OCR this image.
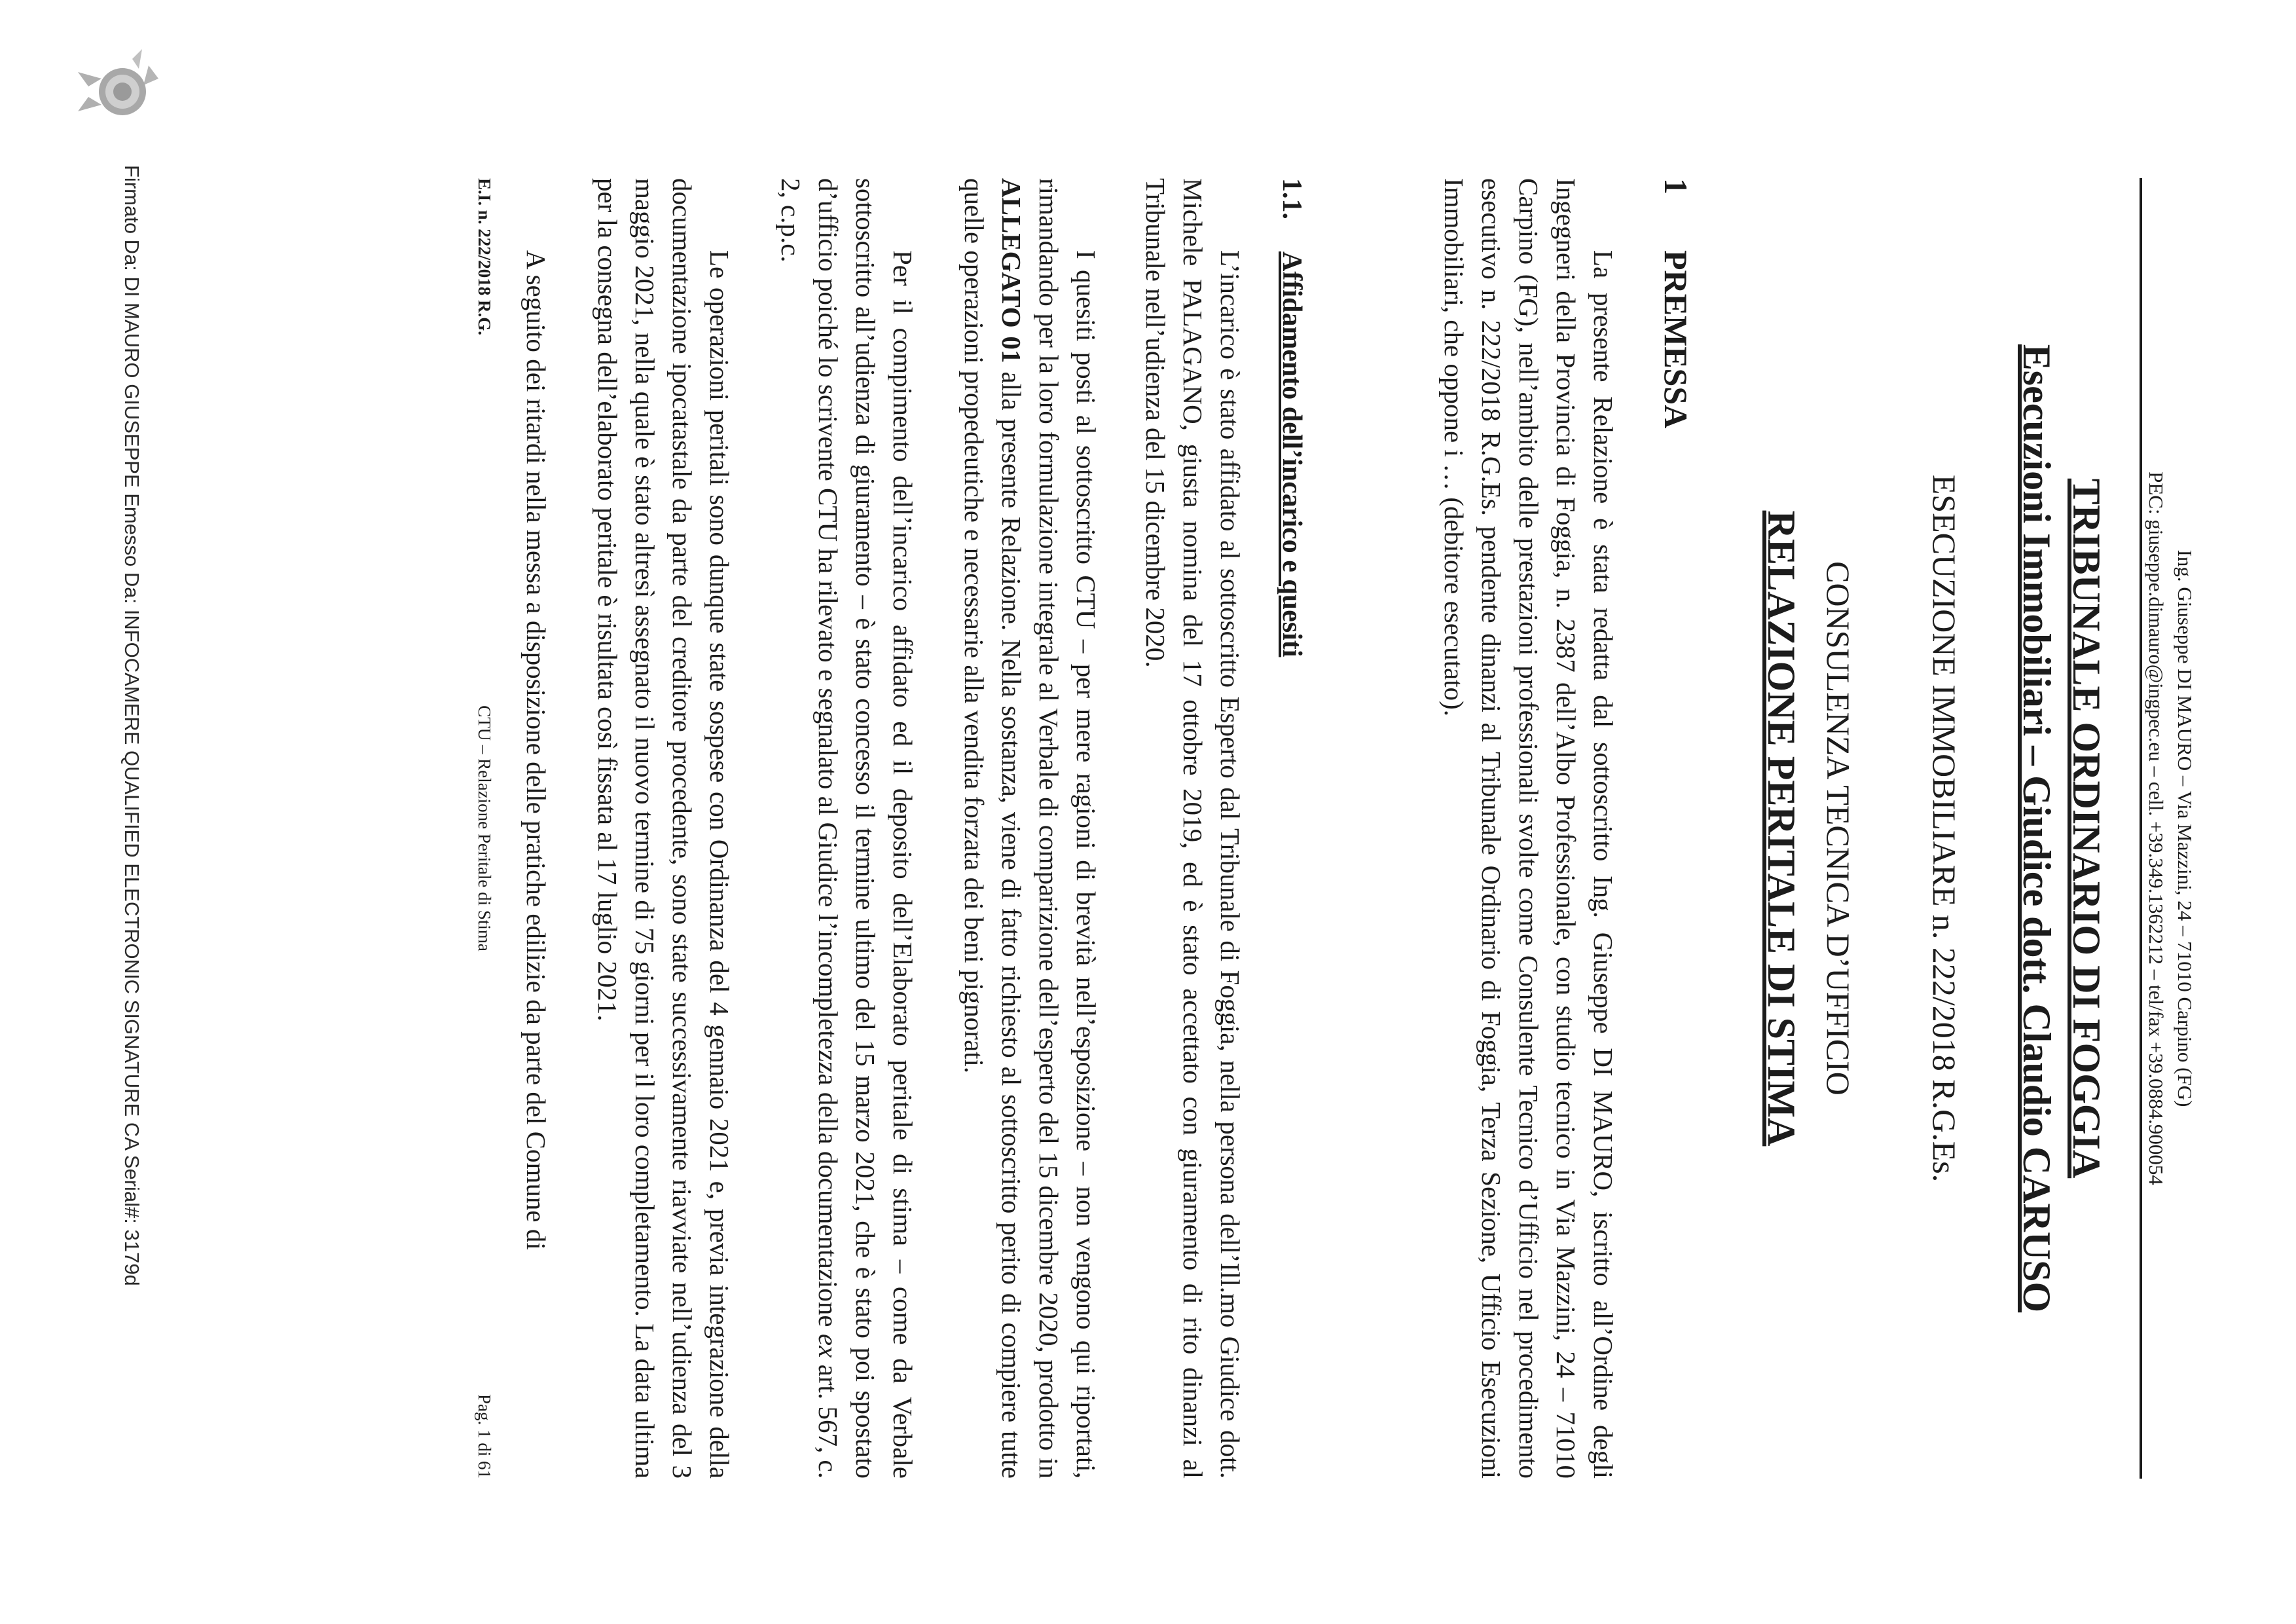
Ing. Giuseppe DI MAURO – Via Mazzini, 24 – 71010 Carpino (FG)
PEC: giuseppe.dimauro@ingpec.eu – cell. +39.349.1362212 – tel/fax +39.0884.900054
TRIBUNALE ORDINARIO DI FOGGIA
Esecuzioni Immobiliari – Giudice dott. Claudio CARUSO
ESECUZIONE IMMOBILIARE n. 222/2018 R.G.Es.
CONSULENZA TECNICA D’UFFICIO
RELAZIONE PERITALE DI STIMA
1PREMESSA
La presente Relazione è stata redatta dal sottoscritto Ing. Giuseppe DI MAURO, iscritto all’Ordine degli Ingegneri della Provincia di Foggia, n. 2387 dell’Albo Professionale, con studio tecnico in Via Mazzini, 24 – 71010 Carpino (FG), nell’ambito delle prestazioni professionali svolte come Consulente Tecnico d’Ufficio nel procedimento esecutivo n. 222/2018 R.G.Es. pendente dinanzi al Tribunale Ordinario di Foggia, Terza Sezione, Ufficio Esecuzioni Immobiliari, che oppone i … (debitore esecutato).
1.1.Affidamento dell’incarico e quesiti
L’incarico è stato affidato al sottoscritto Esperto dal Tribunale di Foggia, nella persona dell’Ill.mo Giudice dott. Michele PALAGANO, giusta nomina del 17 ottobre 2019, ed è stato accettato con giuramento di rito dinanzi al Tribunale nell’udienza del 15 dicembre 2020.
I quesiti posti al sottoscritto CTU – per mere ragioni di brevità nell’esposizione – non vengono qui riportati, rimandando per la loro formulazione integrale al Verbale di comparizione dell’esperto del 15 dicembre 2020, prodotto in ALLEGATO 01 alla presente Relazione. Nella sostanza, viene di fatto richiesto al sottoscritto perito di compiere tutte quelle operazioni propedeutiche e necessarie alla vendita forzata dei beni pignorati.
Per il compimento dell’incarico affidato ed il deposito dell’Elaborato peritale di stima – come da Verbale sottoscritto all’udienza di giuramento – è stato concesso il termine ultimo del 15 marzo 2021, che è stato poi spostato d’ufficio poiché lo scrivente CTU ha rilevato e segnalato al Giudice l’incompletezza della documentazione ex art. 567, c. 2, c.p.c.
Le operazioni peritali sono dunque state sospese con Ordinanza del 4 gennaio 2021 e, previa integrazione della documentazione ipocatastale da parte del creditore procedente, sono state successivamente riavviate nell’udienza del 3 maggio 2021, nella quale è stato altresì assegnato il nuovo termine di 75 giorni per il loro completamento. La data ultima per la consegna dell’elaborato peritale è risultata così fissata al 17 luglio 2021.
A seguito dei ritardi nella messa a disposizione delle pratiche edilizie da parte del Comune di
E.I. n. 222/2018 R.G.
CTU – Relazione Peritale di Stima
Pag. 1 di 61
Firmato Da: DI MAURO GIUSEPPE Emesso Da: INFOCAMERE QUALIFIED ELECTRONIC SIGNATURE CA Serial#: 3179d
